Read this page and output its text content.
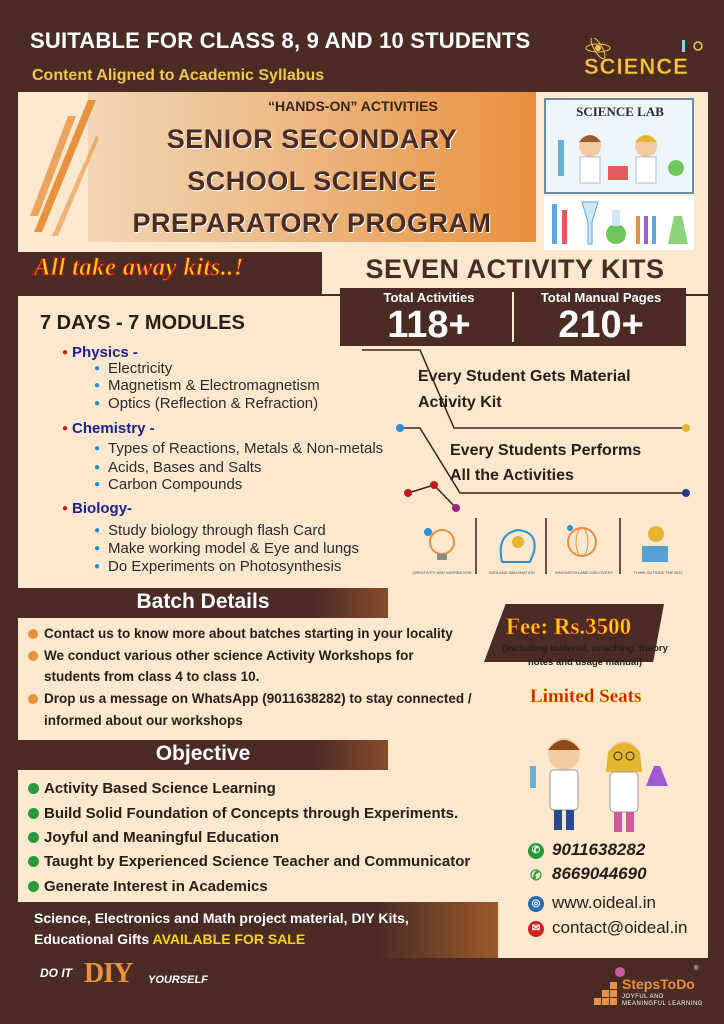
SUITABLE FOR CLASS 8, 9 AND 10 STUDENTS
Content Aligned to Academic Syllabus	SCIENCE
“HANDS-ON” ACTIVITIES
SENIOR SECONDARY
SCHOOL SCIENCE
PREPARATORY PROGRAM
SCIENCE LAB
All take away kits..!	SEVEN ACTIVITY KITS
Total Activities
118+
Total Manual Pages
210+
7 DAYS - 7 MODULES
● Physics -
● Electricity
● Magnetism & Electromagnetism
● Optics (Reflection & Refraction)
● Chemistry -
● Types of Reactions, Metals & Non-metals
● Acids, Bases and Salts
● Carbon Compounds
● Biology-
● Study biology through flash Card
● Make working model & Eye and lungs
● Do Experiments on Photosynthesis
Every Student Gets Material
Activity Kit
Every Students Performs
All the Activities
CREATIVITY AND INSPIRATION	IDEA AND IMAGINATION	INNOVATION AND DISCOVERY	THINK OUTSIDE THE BOX
Batch Details
Contact us to know more about batches starting in your locality
We conduct various other science Activity Workshops for
students from class 4 to class 10.
Drop us a message on WhatsApp (9011638282) to stay connected /
informed about our workshops
Fee: Rs.3500
(Including material, coaching, theory
notes and usage manual)
Limited Seats
Objective
Activity Based Science Learning
Build Solid Foundation of Concepts through Experiments.
Joyful and Meaningful Education
Taught by Experienced Science Teacher and Communicator
Generate Interest in Academics
✆ 9011638282
✆ 8669044690
◎ www.oideal.in
✉ contact@oideal.in
Science, Electronics and Math project material, DIY Kits,
Educational Gifts AVAILABLE FOR SALE
DO IT DIY YOURSELF
®
StepsToDo
JOYFUL AND
MEANINGFUL LEARNING
